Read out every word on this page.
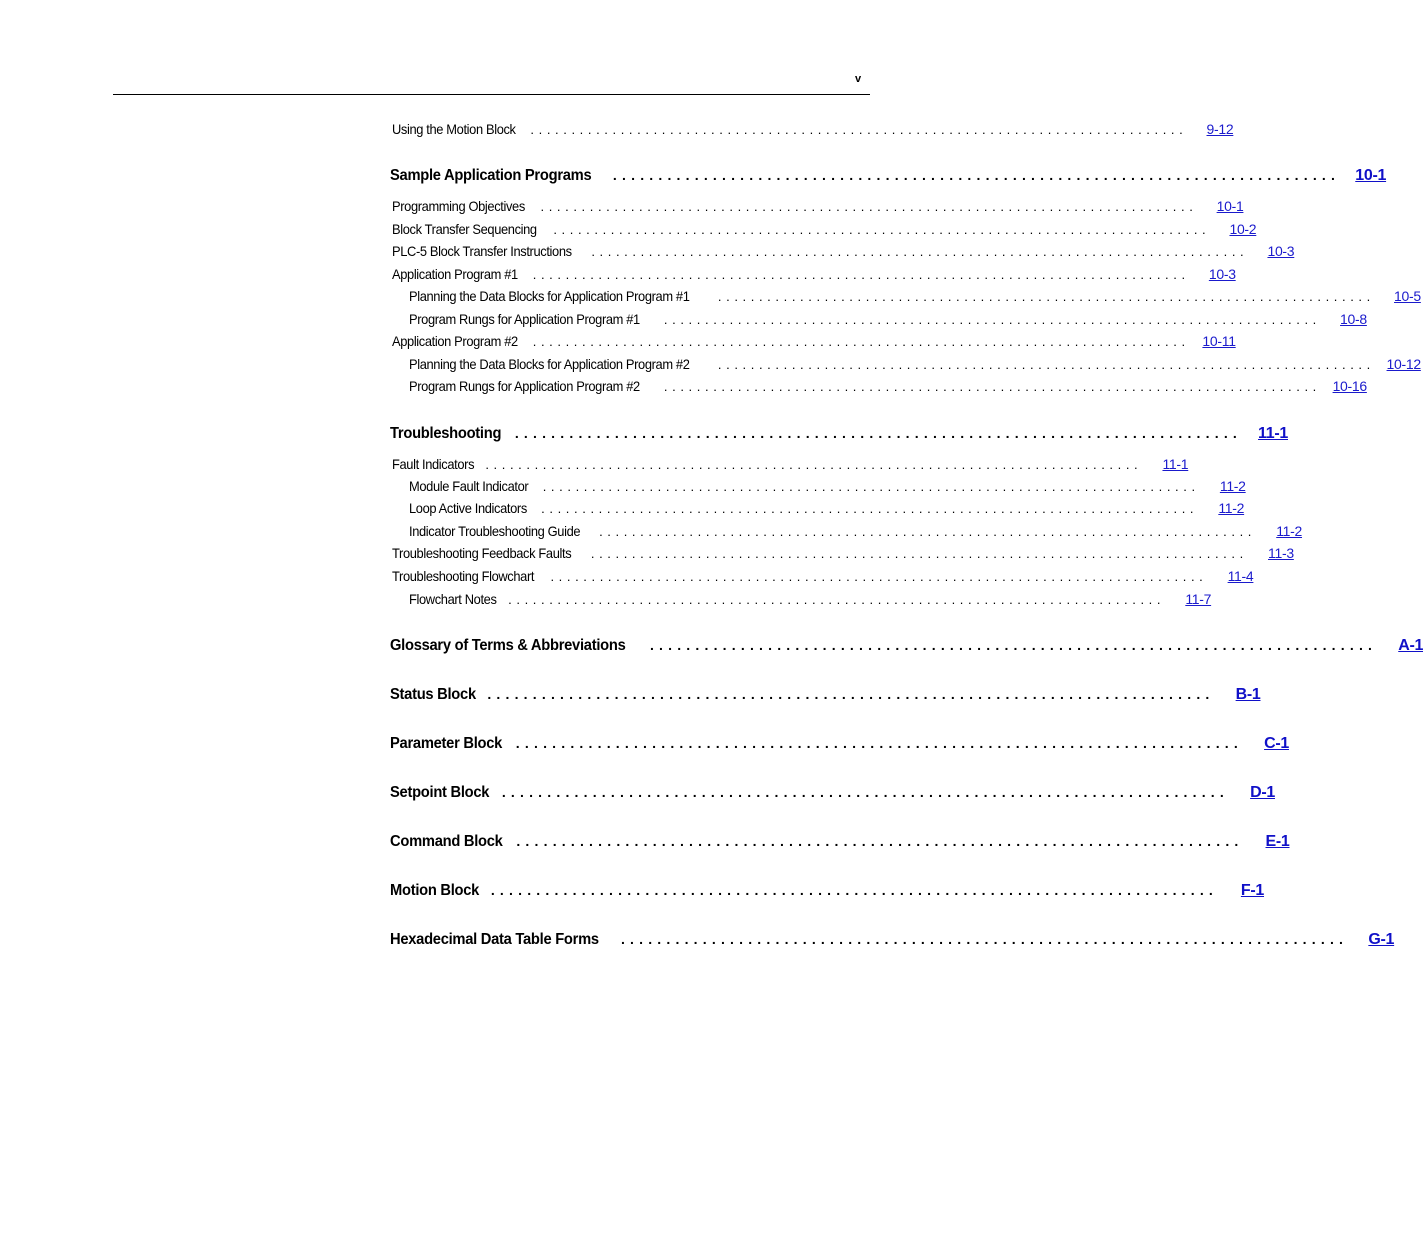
v
Using the Motion Block ................................................................................	9-12
Sample Application Programs ................................................................................ 10-1
Programming Objectives ................................................................................	10-1
Block Transfer Sequencing ................................................................................	10-2
PLC-5 Block Transfer Instructions ................................................................................	10-3
Application Program #1 ................................................................................	10-3
Planning the Data Blocks for Application Program #1 ................................................................................	10-5
Program Rungs for Application Program #1 ................................................................................	10-8
Application Program #2 ................................................................................ 10-11
Planning the Data Blocks for Application Program #2 ................................................................................ 10-12
Program Rungs for Application Program #2 ................................................................................ 10-16
Troubleshooting ................................................................................	11-1
Fault Indicators ................................................................................	11-1
Module Fault Indicator ................................................................................	11-2
Loop Active Indicators ................................................................................	11-2
Indicator Troubleshooting Guide ................................................................................	11-2
Troubleshooting Feedback Faults ................................................................................	11-3
Troubleshooting Flowchart ................................................................................	11-4
Flowchart Notes ................................................................................	11-7
Glossary of Terms & Abbreviations ................................................................................	A-1
Status Block ................................................................................	B-1
Parameter Block ................................................................................	C-1
Setpoint Block ................................................................................	D-1
Command Block ................................................................................	E-1
Motion Block ................................................................................	F-1
Hexadecimal Data Table Forms ................................................................................	G-1
